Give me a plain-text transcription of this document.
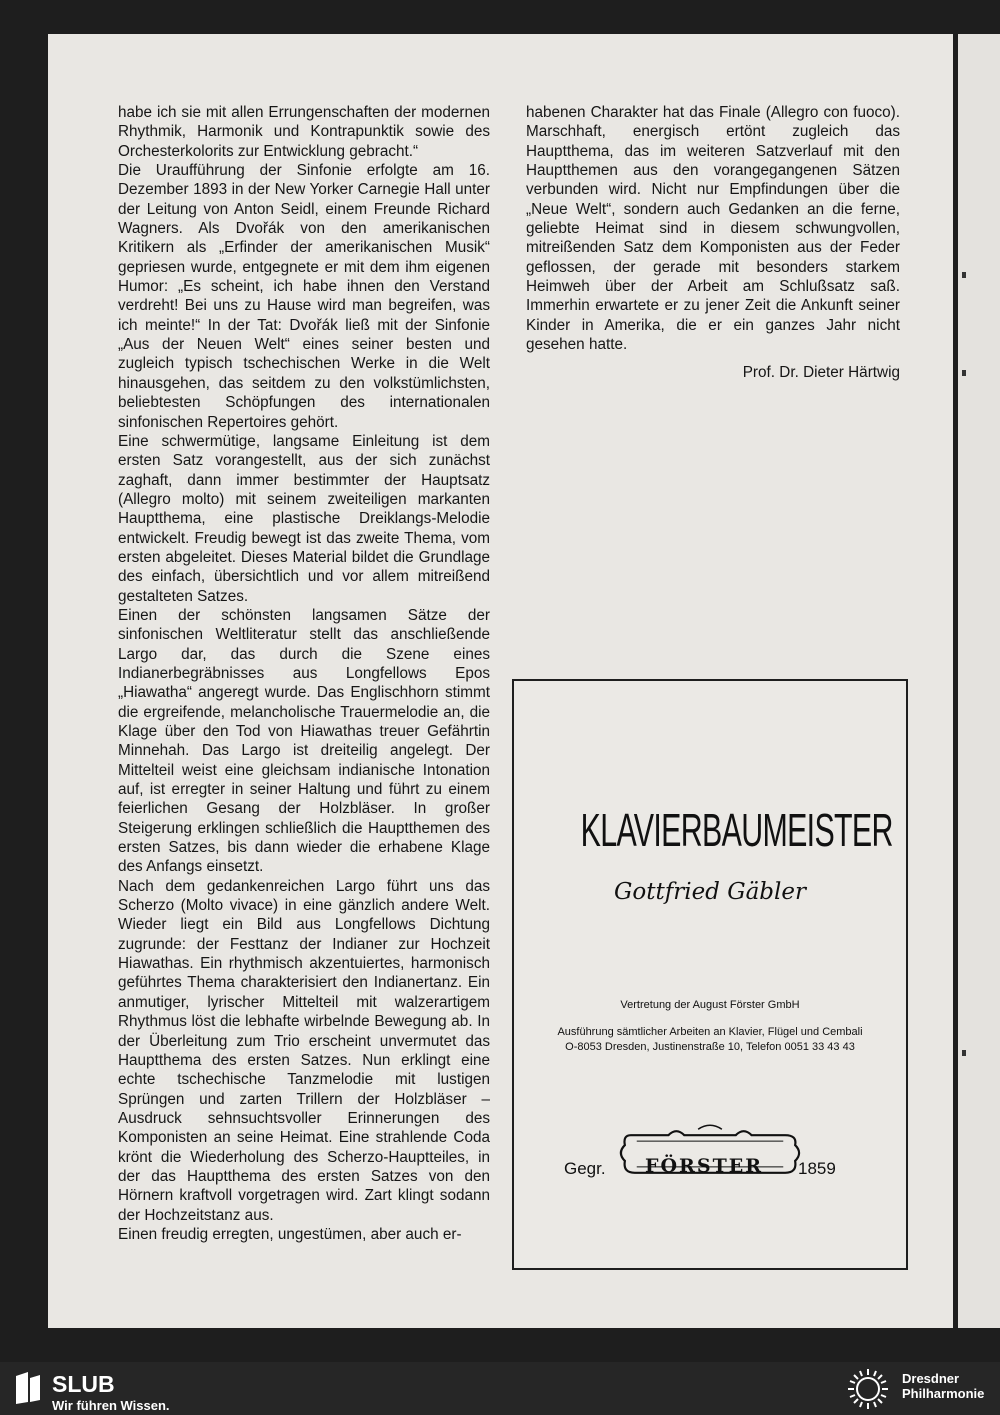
habe ich sie mit allen Errungenschaften der modernen Rhythmik, Harmonik und Kontrapunktik sowie des Orchesterkolorits zur Entwicklung gebracht.“

Die Uraufführung der Sinfonie erfolgte am 16. Dezember 1893 in der New Yorker Carnegie Hall unter der Leitung von Anton Seidl, einem Freunde Richard Wagners. Als Dvořák von den amerikanischen Kritikern als „Erfinder der amerikanischen Musik“ gepriesen wurde, entgegnete er mit dem ihm eigenen Humor: „Es scheint, ich habe ihnen den Verstand verdreht! Bei uns zu Hause wird man begreifen, was ich meinte!“ In der Tat: Dvořák ließ mit der Sinfonie „Aus der Neuen Welt“ eines seiner besten und zugleich typisch tschechischen Werke in die Welt hinausgehen, das seitdem zu den volkstümlichsten, beliebtesten Schöpfungen des internationalen sinfonischen Repertoires gehört.

Eine schwermütige, langsame Einleitung ist dem ersten Satz vorangestellt, aus der sich zunächst zaghaft, dann immer bestimmter der Hauptsatz (Allegro molto) mit seinem zweiteiligen markanten Hauptthema, eine plastische Dreiklangs-Melodie entwickelt. Freudig bewegt ist das zweite Thema, vom ersten abgeleitet. Dieses Material bildet die Grundlage des einfach, übersichtlich und vor allem mitreißend gestalteten Satzes.

Einen der schönsten langsamen Sätze der sinfonischen Weltliteratur stellt das anschließende Largo dar, das durch die Szene eines Indianerbegräbnisses aus Longfellows Epos „Hiawatha“ angeregt wurde. Das Englischhorn stimmt die ergreifende, melancholische Trauermelodie an, die Klage über den Tod von Hiawathas treuer Gefährtin Minnehah. Das Largo ist dreiteilig angelegt. Der Mittelteil weist eine gleichsam indianische Intonation auf, ist erregter in seiner Haltung und führt zu einem feierlichen Gesang der Holzbläser. In großer Steigerung erklingen schließlich die Hauptthemen des ersten Satzes, bis dann wieder die erhabene Klage des Anfangs einsetzt.

Nach dem gedankenreichen Largo führt uns das Scherzo (Molto vivace) in eine gänzlich andere Welt. Wieder liegt ein Bild aus Longfellows Dichtung zugrunde: der Festtanz der Indianer zur Hochzeit Hiawathas. Ein rhythmisch akzentuiertes, harmonisch geführtes Thema charakterisiert den Indianertanz. Ein anmutiger, lyrischer Mittelteil mit walzerartigem Rhythmus löst die lebhafte wirbelnde Bewegung ab. In der Überleitung zum Trio erscheint unvermutet das Hauptthema des ersten Satzes. Nun erklingt eine echte tschechische Tanzmelodie mit lustigen Sprüngen und zarten Trillern der Holzbläser – Ausdruck sehnsuchtsvoller Erinnerungen des Komponisten an seine Heimat. Eine strahlende Coda krönt die Wiederholung des Scherzo-Hauptteiles, in der das Hauptthema des ersten Satzes von den Hörnern kraftvoll vorgetragen wird. Zart klingt sodann der Hochzeitstanz aus.

Einen freudig erregten, ungestümen, aber auch er-

habenen Charakter hat das Finale (Allegro con fuoco). Marschhaft, energisch ertönt zugleich das Hauptthema, das im weiteren Satzverlauf mit den Hauptthemen aus den vorangegangenen Sätzen verbunden wird. Nicht nur Empfindungen über die „Neue Welt“, sondern auch Gedanken an die ferne, geliebte Heimat sind in diesem schwungvollen, mitreißenden Satz dem Komponisten aus der Feder geflossen, der gerade mit besonders starkem Heimweh über der Arbeit am Schlußsatz saß. Immerhin erwartete er zu jener Zeit die Ankunft seiner Kinder in Amerika, die er ein ganzes Jahr nicht gesehen hatte.

Prof. Dr. Dieter Härtwig
KLAVIERBAUMEISTER
Gottfried Gäbler
Vertretung der August Förster GmbH
Ausführung sämtlicher Arbeiten an Klavier, Flügel und Cembali
O-8053 Dresden, Justinenstraße 10, Telefon 0051 33 43 43
Gegr.	FÖRSTER	1859
SLUB
Wir führen Wissen.
Dresdner
Philharmonie
